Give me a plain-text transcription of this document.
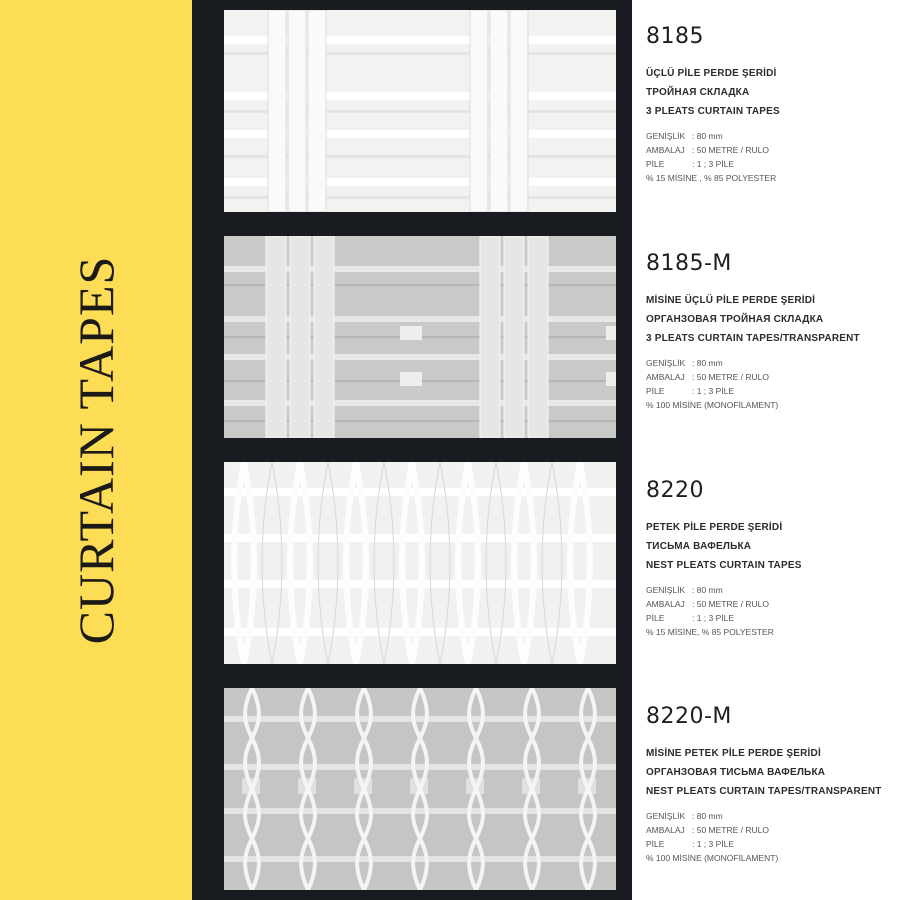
CURTAIN TAPES
8185
ÜÇLÜ PİLE PERDE ŞERİDİ
ТРОЙНАЯ СКЛАДКА
3 PLEATS CURTAIN TAPES
GENİŞLİK : 80 mm
AMBALAJ : 50 METRE / RULO
PİLE	: 1 ; 3 PİLE
% 15 MİSİNE , % 85 POLYESTER
8185-M
MİSİNE ÜÇLÜ PİLE PERDE ŞERİDİ
ОРГАНЗОВАЯ ТРОЙНАЯ СКЛАДКА
3 PLEATS CURTAIN TAPES/TRANSPARENT
GENİŞLİK : 80 mm
AMBALAJ : 50 METRE / RULO
PİLE	: 1 ; 3 PİLE
% 100 MİSİNE (MONOFİLAMENT)
8220
PETEK PİLE PERDE ŞERİDİ
ТИСЬМА ВАФЕЛЬКА
NEST PLEATS CURTAIN TAPES
GENİŞLİK : 80 mm
AMBALAJ : 50 METRE / RULO
PİLE	: 1 ; 3 PİLE
% 15 MİSİNE, % 85 POLYESTER
8220-M
MİSİNE PETEK PİLE PERDE ŞERİDİ
ОРГАНЗОВАЯ ТИСЬМА ВАФЕЛЬКА
NEST PLEATS CURTAIN TAPES/TRANSPARENT
GENİŞLİK : 80 mm
AMBALAJ : 50 METRE / RULO
PİLE	: 1 ; 3 PİLE
% 100 MİSİNE (MONOFİLAMENT)
